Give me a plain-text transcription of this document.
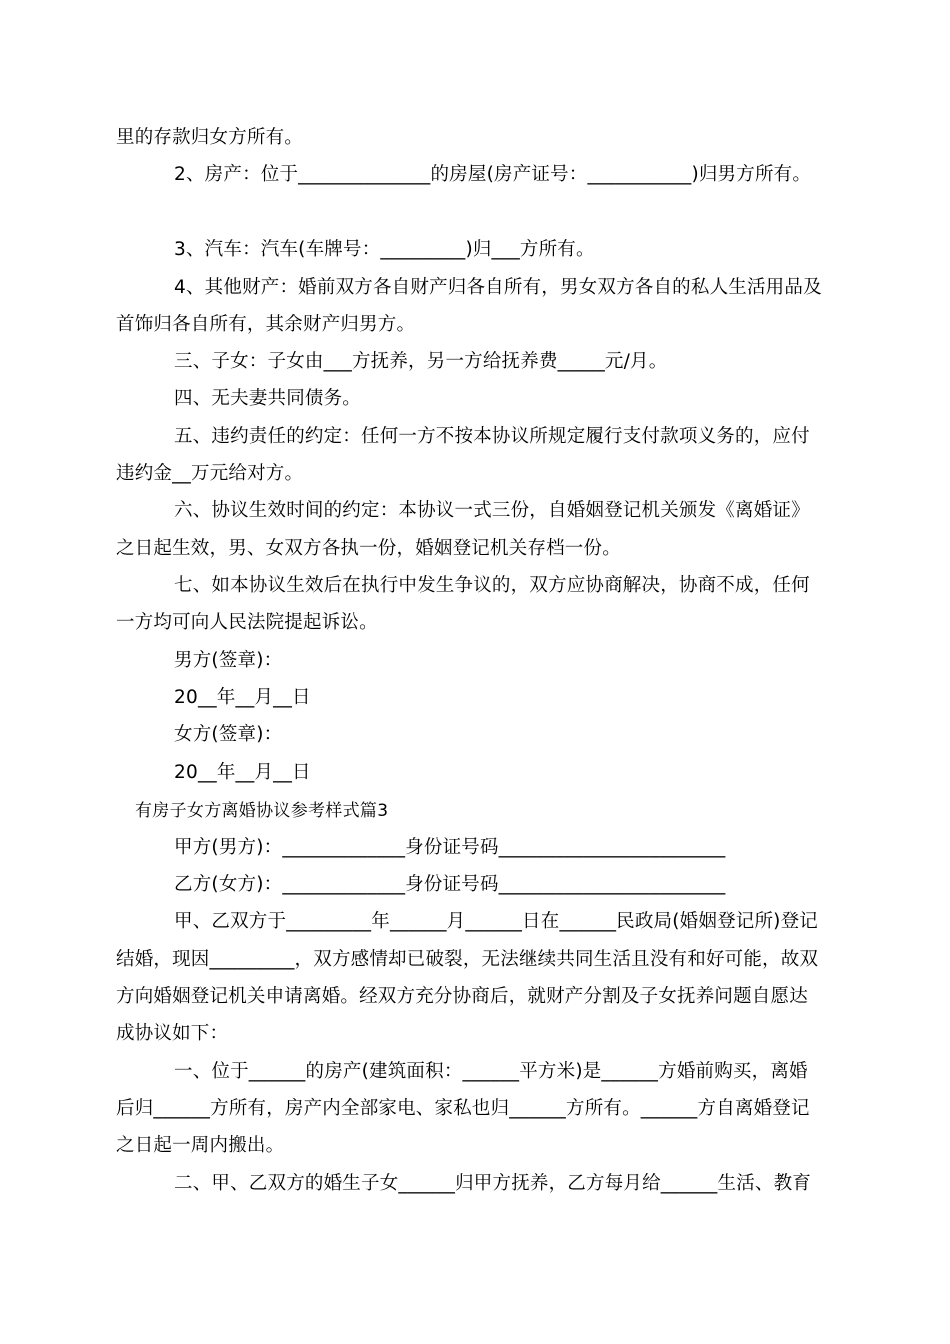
里的存款归女方所有。
2、房产：位于______________的房屋(房产证号：___________)归男方所有。
3、汽车：汽车(车牌号：_________)归___方所有。
4、其他财产：婚前双方各自财产归各自所有，男女双方各自的私人生活用品及
首饰归各自所有，其余财产归男方。
三、子女：子女由___方抚养，另一方给抚养费_____元/月。
四、无夫妻共同债务。
五、违约责任的约定：任何一方不按本协议所规定履行支付款项义务的，应付
违约金__万元给对方。
六、协议生效时间的约定：本协议一式三份，自婚姻登记机关颁发《离婚证》
之日起生效，男、女双方各执一份，婚姻登记机关存档一份。
七、如本协议生效后在执行中发生争议的，双方应协商解决，协商不成，任何
一方均可向人民法院提起诉讼。
男方(签章)：
20__年__月__日
女方(签章)：
20__年__月__日
有房子女方离婚协议参考样式篇3
甲方(男方)：_____________身份证号码________________________
乙方(女方)：_____________身份证号码________________________
甲、乙双方于_________年______月______日在______民政局(婚姻登记所)登记
结婚，现因_________，双方感情却已破裂，无法继续共同生活且没有和好可能，故双
方向婚姻登记机关申请离婚。经双方充分协商后，就财产分割及子女抚养问题自愿达
成协议如下：
一、位于______的房产(建筑面积：______平方米)是______方婚前购买，离婚
后归______方所有，房产内全部家电、家私也归______方所有。______方自离婚登记
之日起一周内搬出。
二、甲、乙双方的婚生子女______归甲方抚养，乙方每月给______生活、教育
